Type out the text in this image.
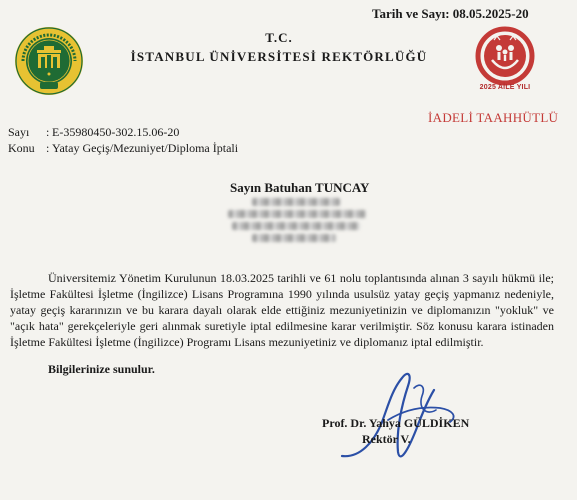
Tarih ve Sayı: 08.05.2025-20
2025 AİLE YILI
T.C.
İSTANBUL ÜNİVERSİTESİ REKTÖRLÜĞÜ
İADELİ TAAHHÜTLÜ
Sayı : E-35980450-302.15.06-20
Konu : Yatay Geçiş/Mezuniyet/Diploma İptali
Sayın Batuhan TUNCAY
Üniversitemiz Yönetim Kurulunun 18.03.2025 tarihli ve 61 nolu toplantısında alınan 3 sayılı hükmü ile; İşletme Fakültesi İşletme (İngilizce) Lisans Programına 1990 yılında usulsüz yatay geçiş yapmanız nedeniyle, yatay geçiş kararınızın ve bu karara dayalı olarak elde ettiğiniz mezuniyetinizin ve diplomanızın "yokluk" ve "açık hata" gerekçeleriyle geri alınmak suretiyle iptal edilmesine karar verilmiştir. Söz konusu karara istinaden İşletme Fakültesi İşletme (İngilizce) Programı Lisans mezuniyetiniz ve diplomanız iptal edilmiştir.
Bilgilerinize sunulur.
Prof. Dr. Yahya GÜLDİKEN
Rektör V.
